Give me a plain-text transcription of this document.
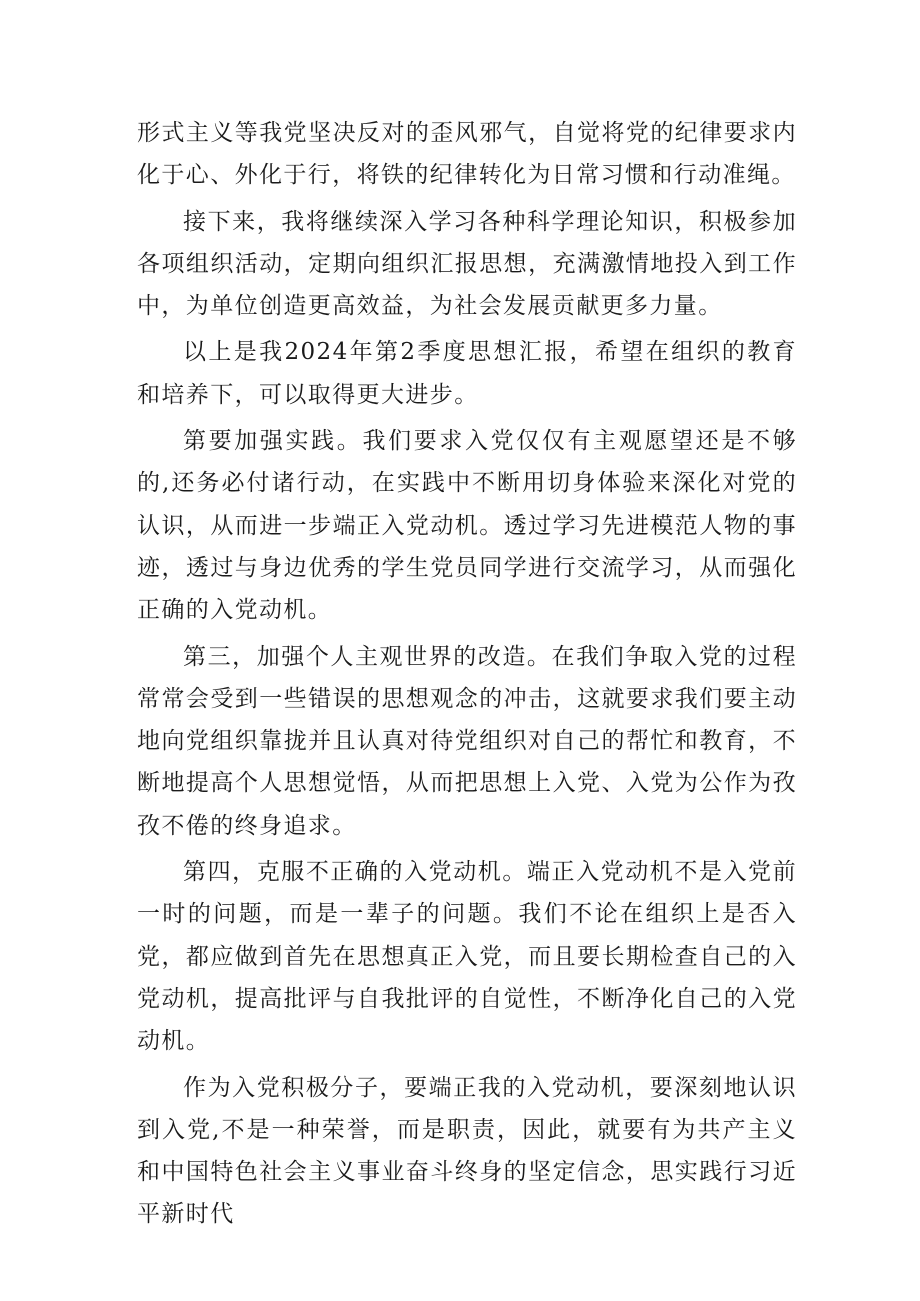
形式主义等我党坚决反对的歪风邪气，自觉将党的纪律要求内化于心、外化于行，将铁的纪律转化为日常习惯和行动准绳。

接下来，我将继续深入学习各种科学理论知识，积极参加各项组织活动，定期向组织汇报思想，充满激情地投入到工作中，为单位创造更高效益，为社会发展贡献更多力量。

以上是我2024年第2季度思想汇报，希望在组织的教育和培养下，可以取得更大进步。

第要加强实践。我们要求入党仅仅有主观愿望还是不够的,还务必付诸行动，在实践中不断用切身体验来深化对党的认识，从而进一步端正入党动机。透过学习先进模范人物的事迹，透过与身边优秀的学生党员同学进行交流学习，从而强化正确的入党动机。

第三，加强个人主观世界的改造。在我们争取入党的过程常常会受到一些错误的思想观念的冲击，这就要求我们要主动地向党组织靠拢并且认真对待党组织对自己的帮忙和教育，不断地提高个人思想觉悟，从而把思想上入党、入党为公作为孜孜不倦的终身追求。

第四，克服不正确的入党动机。端正入党动机不是入党前一时的问题，而是一辈子的问题。我们不论在组织上是否入党，都应做到首先在思想真正入党，而且要长期检查自己的入党动机，提高批评与自我批评的自觉性，不断净化自己的入党动机。

作为入党积极分子，要端正我的入党动机，要深刻地认识到入党,不是一种荣誉，而是职责，因此，就要有为共产主义和中国特色社会主义事业奋斗终身的坚定信念，思实践行习近平新时代
